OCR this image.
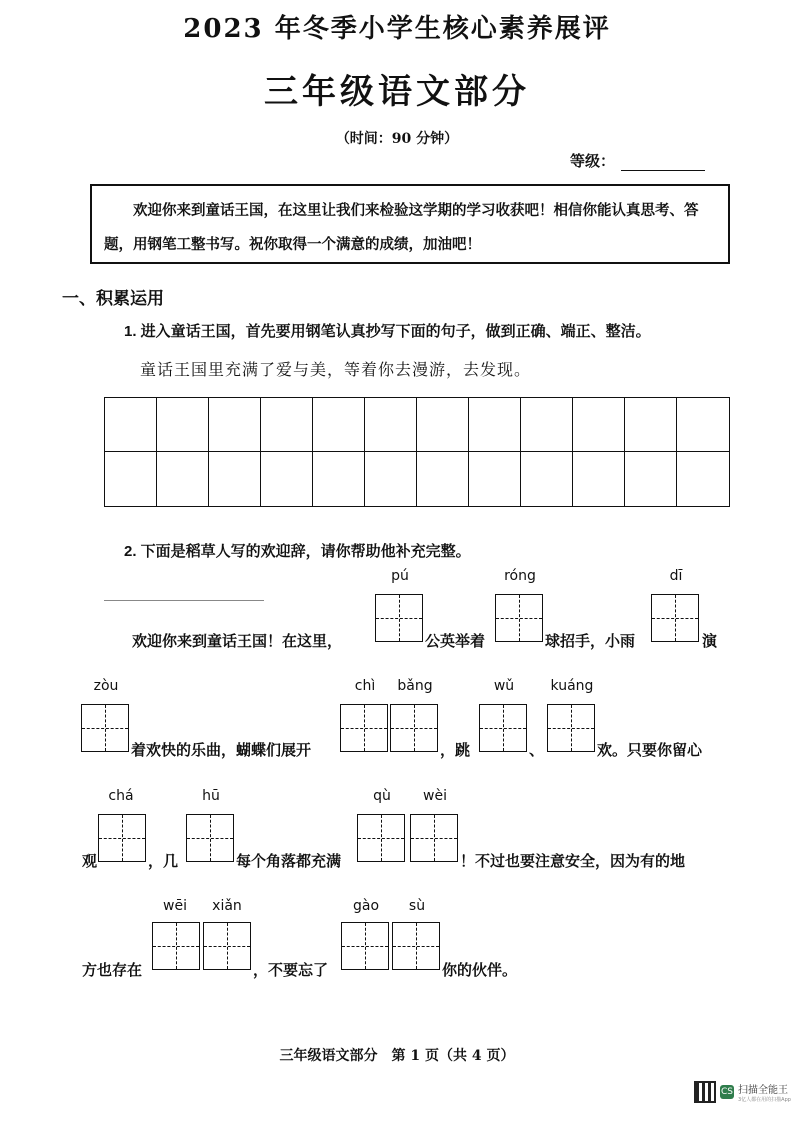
2023 年冬季小学生核心素养展评
三年级语文部分
（时间：90 分钟）
等级：
欢迎你来到童话王国，在这里让我们来检验这学期的学习收获吧！相信你能认真思考、答题，用钢笔工整书写。祝你取得一个满意的成绩，加油吧！
一、积累运用
1. 进入童话王国，首先要用钢笔认真抄写下面的句子，做到正确、端正、整洁。
童话王国里充满了爱与美，等着你去漫游，去发现。
2. 下面是稻草人写的欢迎辞，请你帮助他补充完整。
pú	róng	dī
欢迎你来到童话王国！在这里，	公英举着	球招手，小雨	演
zòu	chì	bǎng	wǔ	kuáng
着欢快的乐曲，蝴蝶们展开	，跳	、	欢。只要你留心
chá	hū	qù	wèi
观	，几	每个角落都充满	！不过也要注意安全，因为有的地
wēi	xiǎn	gào	sù
方也存在	，不要忘了	你的伙伴。
三年级语文部分　第 1 页（共 4 页）
CS 扫描全能王
3亿人都在用的扫描App
